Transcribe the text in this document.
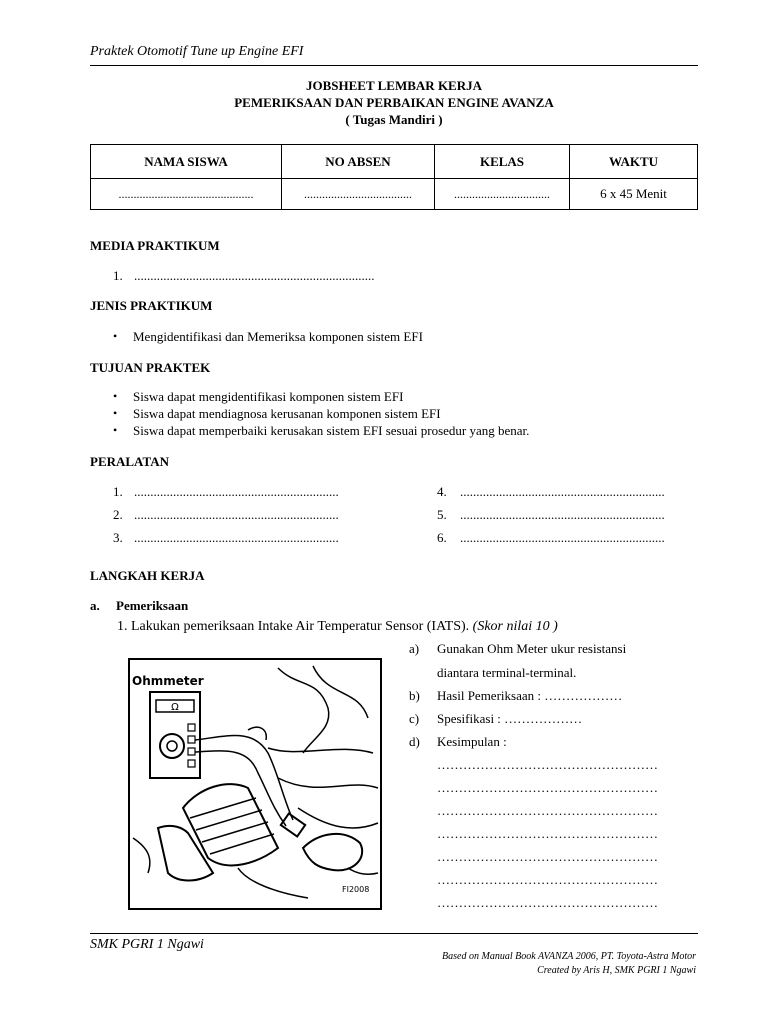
Praktek Otomotif Tune up Engine EFI
JOBSHEET LEMBAR KERJA
PEMERIKSAAN DAN PERBAIKAN ENGINE AVANZA
( Tugas Mandiri )
NAMA SISWA	NO ABSEN	KELAS	WAKTU
.............................................	....................................	................................	6 x 45 Menit
MEDIA PRAKTIKUM
1. ..........................................................................
JENIS PRAKTIKUM
• Mengidentifikasi dan Memeriksa komponen sistem EFI
TUJUAN PRAKTEK
• Siswa dapat mengidentifikasi komponen sistem EFI
• Siswa dapat mendiagnosa kerusanan komponen sistem EFI
• Siswa dapat memperbaiki kerusakan sistem EFI sesuai prosedur yang benar.
PERALATAN
1. ...............................................................
2. ...............................................................
3. ...............................................................
4. ...............................................................
5. ...............................................................
6. ...............................................................
LANGKAH KERJA
a. Pemeriksaan
1. Lakukan pemeriksaan Intake Air Temperatur Sensor (IATS). (Skor nilai 10 )
Ω
Ohmmeter
FI2008
a) Gunakan Ohm Meter ukur resistansi
diantara terminal-terminal.
b) Hasil Pemeriksaan : ………………
c) Spesifikasi : ………………
d) Kesimpulan :
……………………………………………
……………………………………………
……………………………………………
……………………………………………
……………………………………………
……………………………………………
……………………………………………
SMK PGRI 1 Ngawi
Based on Manual Book AVANZA 2006, PT. Toyota-Astra Motor
Created by Aris H, SMK PGRI 1 Ngawi
